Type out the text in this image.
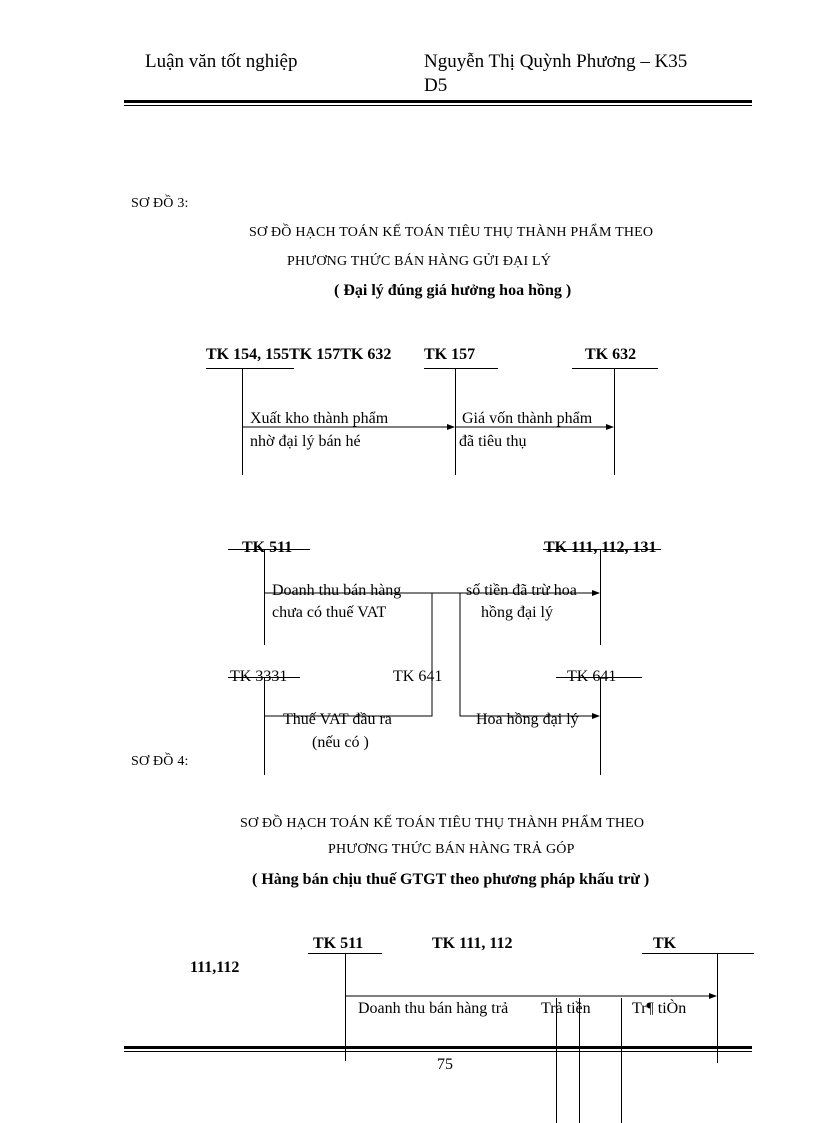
Luận văn tốt nghiệp	Nguyễn Thị Quỳnh Phương – K35
D5
SƠ ĐỒ 3:
SƠ ĐỒ HẠCH TOÁN KẾ TOÁN TIÊU THỤ THÀNH PHẨM THEO
PHƯƠNG THỨC BÁN HÀNG GỬI ĐẠI LÝ
( Đại lý đúng giá hưởng hoa hồng )
TK 154, 155TK 157TK 632 TK 157	TK 632
Xuất kho thành phẩm
nhờ đại lý bán hé
Giá vốn thành phẩm
đã tiêu thụ
TK 511	TK 111, 112, 131
Doanh thu bán hàng
chưa có thuế VAT
số tiền đã trừ hoa
hồng đại lý
TK 3331	TK 641	TK 641
Thuế VAT đầu ra
(nếu có )
Hoa hồng đại lý
SƠ ĐỒ 4:
SƠ ĐỒ HẠCH TOÁN KẾ TOÁN TIÊU THỤ THÀNH PHẨM THEO
PHƯƠNG THỨC BÁN HÀNG TRẢ GÓP
( Hàng bán chịu thuế GTGT theo phương pháp khấu trừ )
TK 511	TK 111, 112	TK
111,112
Doanh thu bán hàng trả Trả tiền	Tr¶ tiÒn
75
